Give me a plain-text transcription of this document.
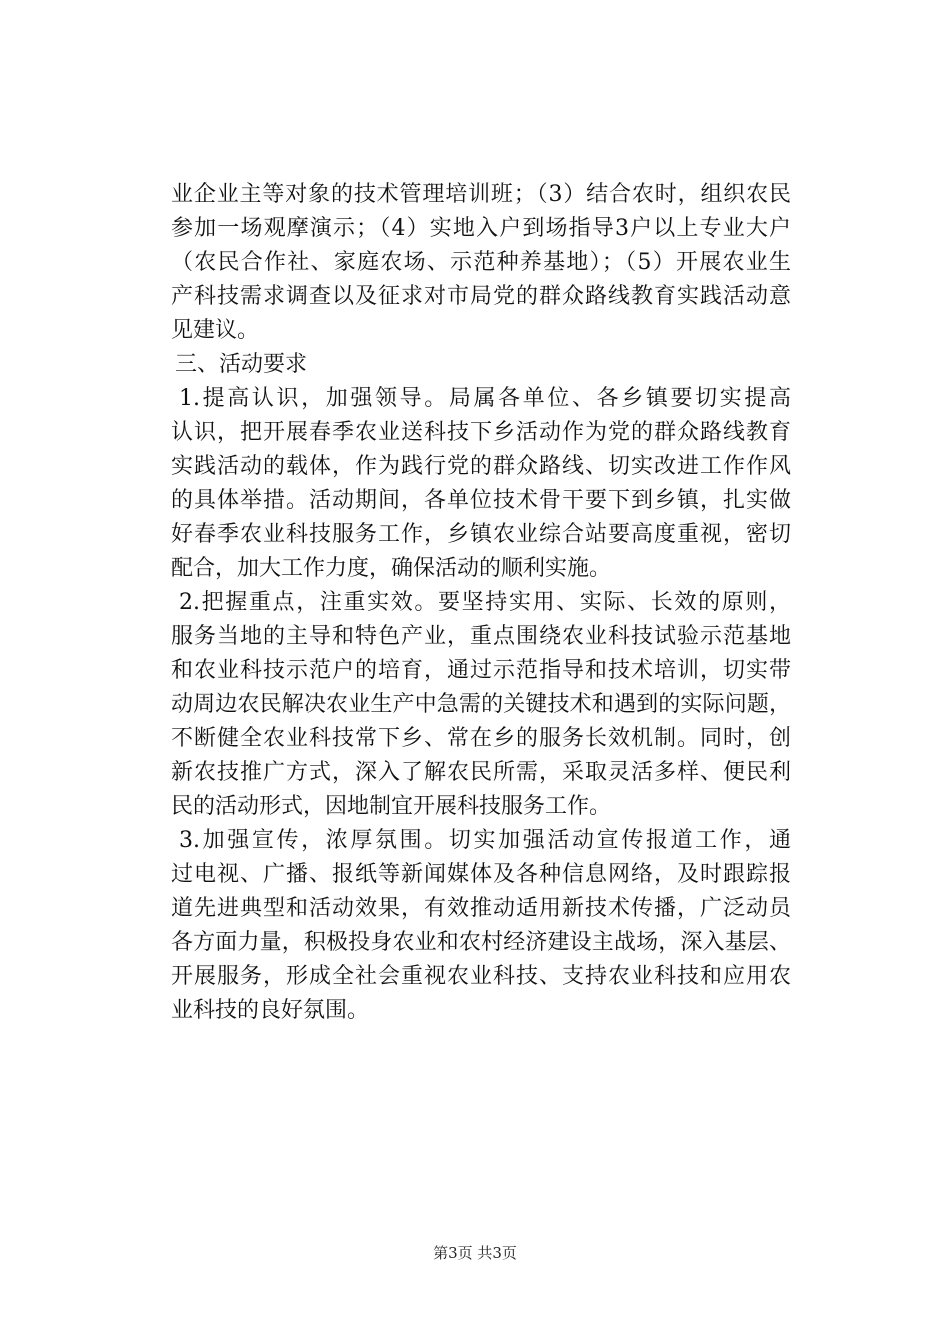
业企业主等对象的技术管理培训班；（3）结合农时，组织农民
参加一场观摩演示；（4）实地入户到场指导3户以上专业大户
（农民合作社、家庭农场、示范种养基地）；（5）开展农业生
产科技需求调查以及征求对市局党的群众路线教育实践活动意
见建议。
三、活动要求
1.提高认识，加强领导。局属各单位、各乡镇要切实提高
认识，把开展春季农业送科技下乡活动作为党的群众路线教育
实践活动的载体，作为践行党的群众路线、切实改进工作作风
的具体举措。活动期间，各单位技术骨干要下到乡镇，扎实做
好春季农业科技服务工作，乡镇农业综合站要高度重视，密切
配合，加大工作力度，确保活动的顺利实施。
2.把握重点，注重实效。要坚持实用、实际、长效的原则，
服务当地的主导和特色产业，重点围绕农业科技试验示范基地
和农业科技示范户的培育，通过示范指导和技术培训，切实带
动周边农民解决农业生产中急需的关键技术和遇到的实际问题，
不断健全农业科技常下乡、常在乡的服务长效机制。同时，创
新农技推广方式，深入了解农民所需，采取灵活多样、便民利
民的活动形式，因地制宜开展科技服务工作。
3.加强宣传，浓厚氛围。切实加强活动宣传报道工作，通
过电视、广播、报纸等新闻媒体及各种信息网络，及时跟踪报
道先进典型和活动效果，有效推动适用新技术传播，广泛动员
各方面力量，积极投身农业和农村经济建设主战场，深入基层、
开展服务，形成全社会重视农业科技、支持农业科技和应用农
业科技的良好氛围。
第3页 共3页
